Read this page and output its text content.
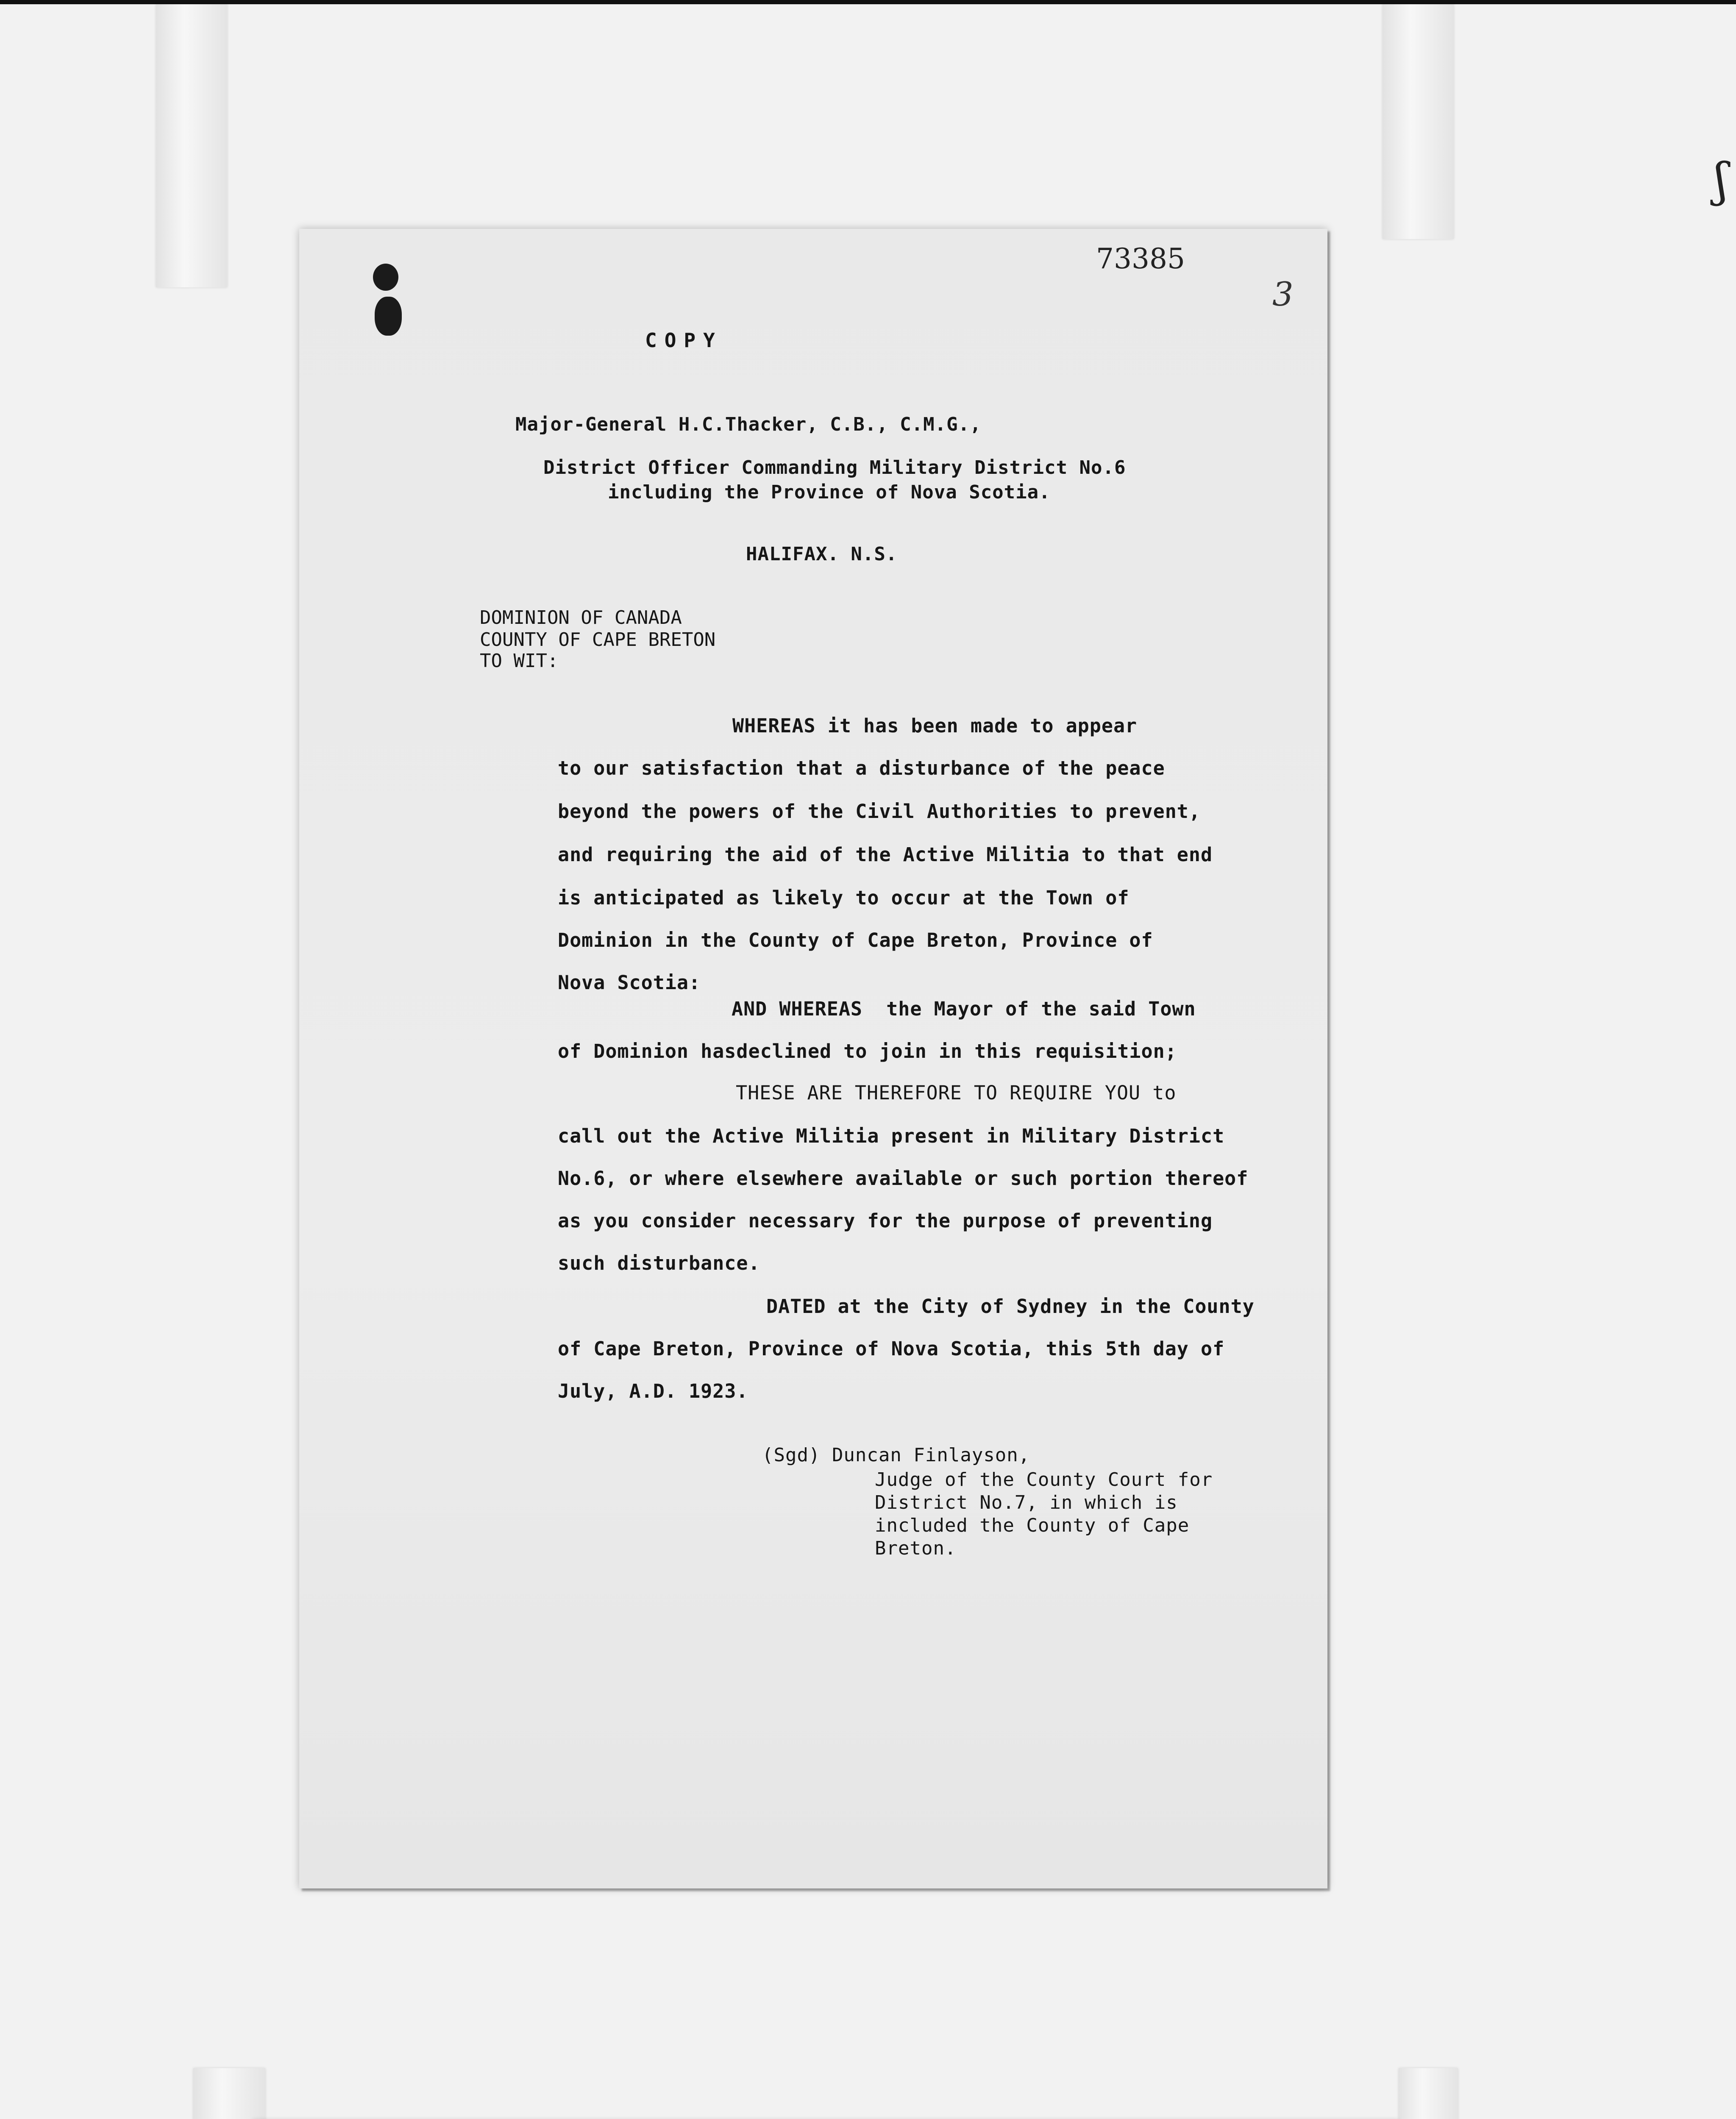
ʃ
73385
3
COPY
Major-General H.C.Thacker, C.B., C.M.G.,
District Officer Commanding Military District No.6
including the Province of Nova Scotia.
HALIFAX. N.S.
DOMINION OF CANADA
COUNTY OF CAPE BRETON
TO WIT:
WHEREAS it has been made to appear
to our satisfaction that a disturbance of the peace
beyond the powers of the Civil Authorities to prevent,
and requiring the aid of the Active Militia to that end
is anticipated as likely to occur at the Town of
Dominion in the County of Cape Breton, Province of
Nova Scotia:
AND WHEREAS  the Mayor of the said Town
of Dominion hasdeclined to join in this requisition;
THESE ARE THEREFORE TO REQUIRE YOU to
call out the Active Militia present in Military District
No.6, or where elsewhere available or such portion thereof
as you consider necessary for the purpose of preventing
such disturbance.
DATED at the City of Sydney in the County
of Cape Breton, Province of Nova Scotia, this 5th day of
July, A.D. 1923.
(Sgd) Duncan Finlayson,
Judge of the County Court for
District No.7, in which is
included the County of Cape
Breton.
